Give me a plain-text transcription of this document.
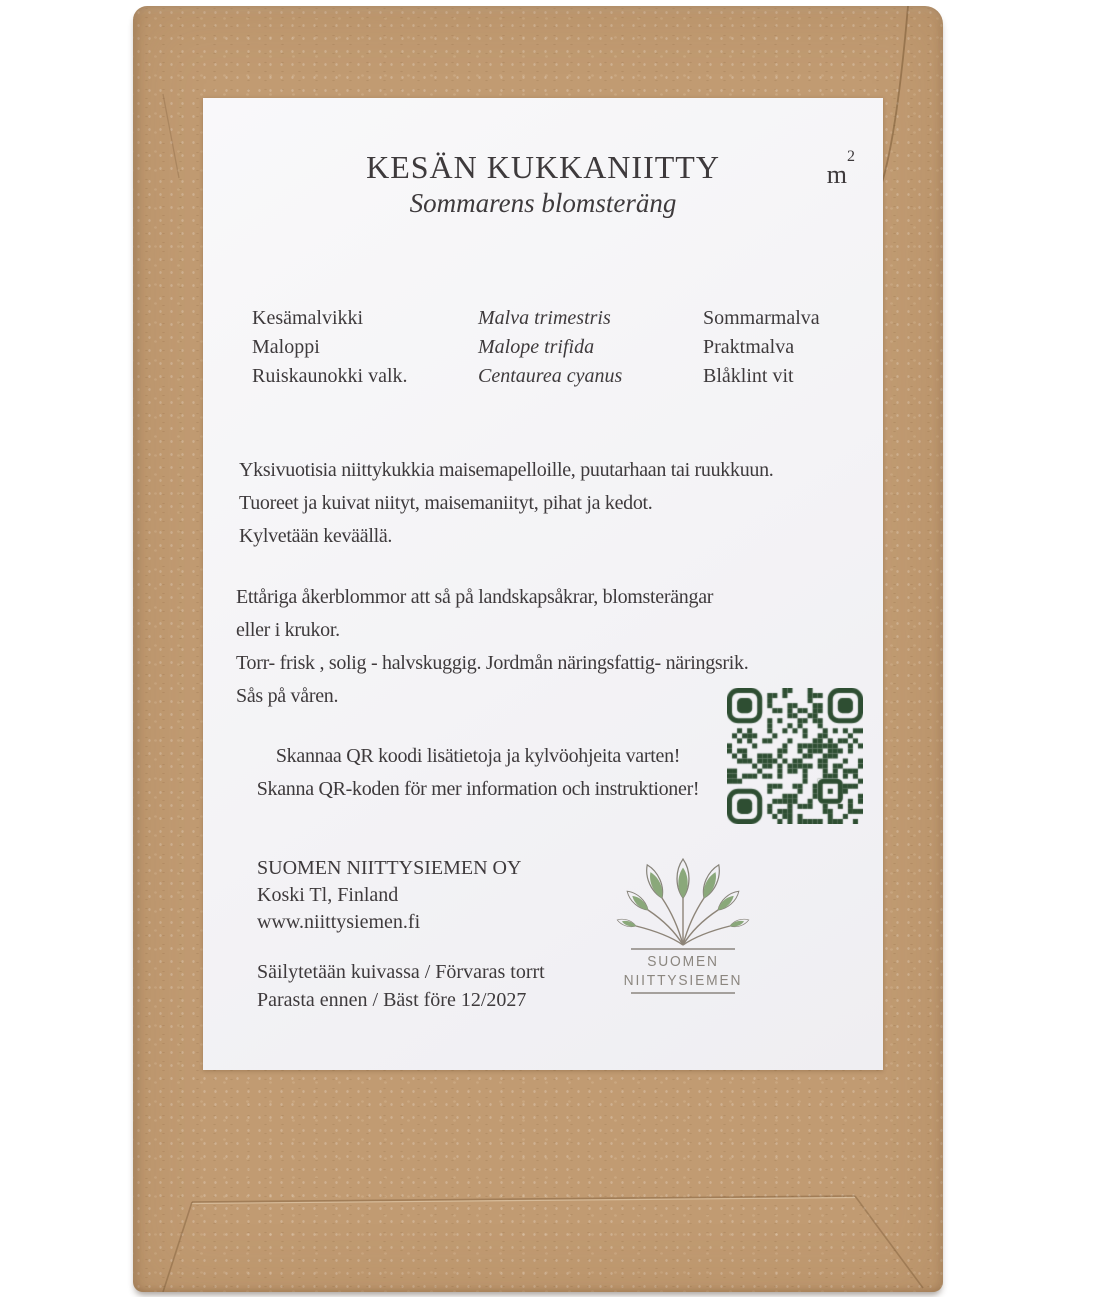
KESÄN KUKKANIITTY
Sommarens blomsteräng
$m^2$
Kesämalvikki	Malva trimestris	Sommarmalva
Maloppi	Malope trifida	Praktmalva
Ruiskaunokki valk.	Centaurea cyanus	Blåklint vit
Yksivuotisia niittykukkia maisemapelloille, puutarhaan tai ruukkuun.
Tuoreet ja kuivat niityt, maisemaniityt, pihat ja kedot.
Kylvetään keväällä.
Ettåriga åkerblommor att så på landskapsåkrar, blomsterängar
eller i krukor.
Torr- frisk , solig - halvskuggig. Jordmån näringsfattig- näringsrik.
Sås på våren.
Skannaa QR koodi lisätietoja ja kylvöohjeita varten!
Skanna QR-koden för mer information och instruktioner!
SUOMEN NIITTYSIEMEN OY
Koski Tl, Finland
www.niittysiemen.fi
Säilytetään kuivassa / Förvaras torrt
Parasta ennen / Bäst före 12/2027
SUOMEN
NIITTYSIEMEN
